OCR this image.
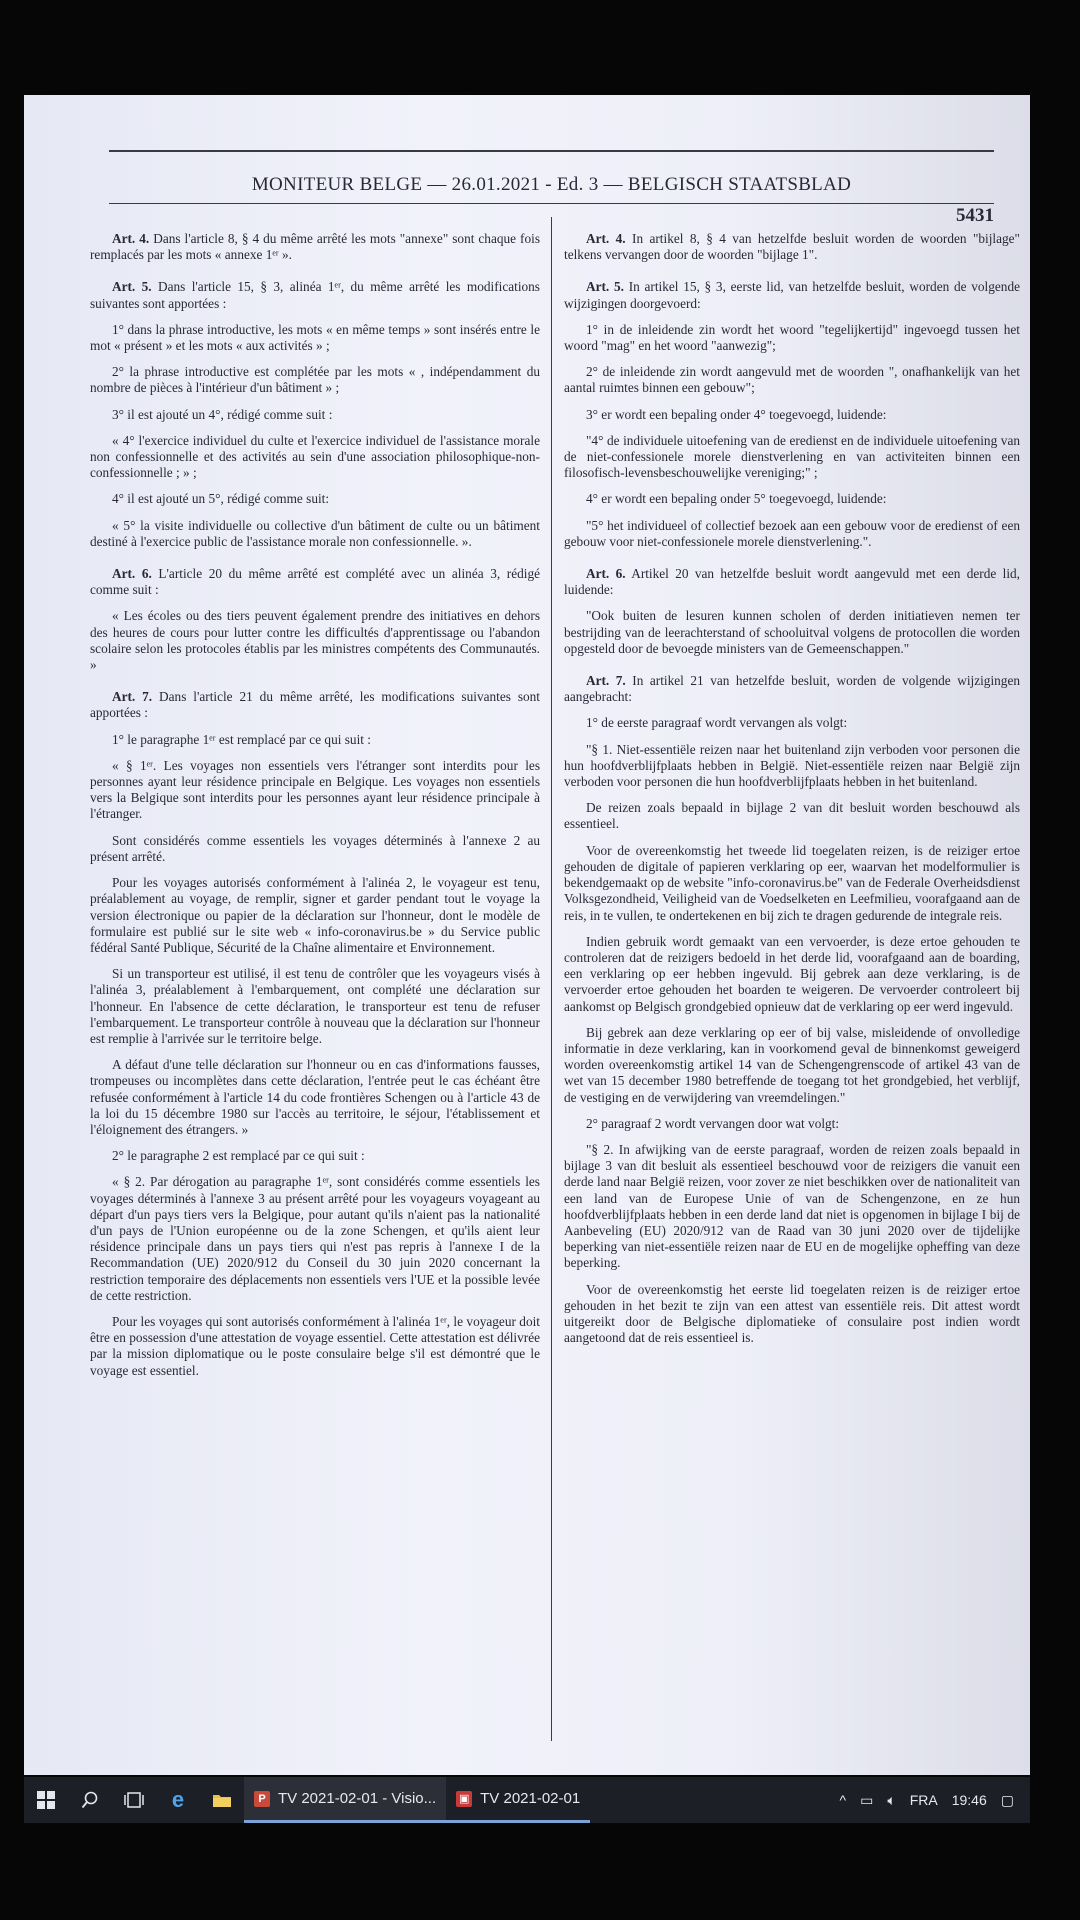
MONITEUR BELGE — 26.01.2021 - Ed. 3 — BELGISCH STAATSBLAD
5431

Art. 4. Dans l'article 8, § 4 du même arrêté les mots "annexe" sont chaque fois remplacés par les mots « annexe 1ᵉʳ ».

Art. 5. Dans l'article 15, § 3, alinéa 1ᵉʳ, du même arrêté les modifications suivantes sont apportées :

1° dans la phrase introductive, les mots « en même temps » sont insérés entre le mot « présent » et les mots « aux activités » ;

2° la phrase introductive est complétée par les mots « , indépendamment du nombre de pièces à l'intérieur d'un bâtiment » ;

3° il est ajouté un 4°, rédigé comme suit :

« 4° l'exercice individuel du culte et l'exercice individuel de l'assistance morale non confessionnelle et des activités au sein d'une association philosophique-non-confessionnelle ; » ;

4° il est ajouté un 5°, rédigé comme suit:

« 5° la visite individuelle ou collective d'un bâtiment de culte ou un bâtiment destiné à l'exercice public de l'assistance morale non confessionnelle. ».

Art. 6. L'article 20 du même arrêté est complété avec un alinéa 3, rédigé comme suit :

« Les écoles ou des tiers peuvent également prendre des initiatives en dehors des heures de cours pour lutter contre les difficultés d'apprentissage ou l'abandon scolaire selon les protocoles établis par les ministres compétents des Communautés. »

Art. 7. Dans l'article 21 du même arrêté, les modifications suivantes sont apportées :

1° le paragraphe 1ᵉʳ est remplacé par ce qui suit :

« § 1ᵉʳ. Les voyages non essentiels vers l'étranger sont interdits pour les personnes ayant leur résidence principale en Belgique. Les voyages non essentiels vers la Belgique sont interdits pour les personnes ayant leur résidence principale à l'étranger.

Sont considérés comme essentiels les voyages déterminés à l'annexe 2 au présent arrêté.

Pour les voyages autorisés conformément à l'alinéa 2, le voyageur est tenu, préalablement au voyage, de remplir, signer et garder pendant tout le voyage la version électronique ou papier de la déclaration sur l'honneur, dont le modèle de formulaire est publié sur le site web « info-coronavirus.be » du Service public fédéral Santé Publique, Sécurité de la Chaîne alimentaire et Environnement.

Si un transporteur est utilisé, il est tenu de contrôler que les voyageurs visés à l'alinéa 3, préalablement à l'embarquement, ont complété une déclaration sur l'honneur. En l'absence de cette déclaration, le transporteur est tenu de refuser l'embarquement. Le transporteur contrôle à nouveau que la déclaration sur l'honneur est remplie à l'arrivée sur le territoire belge.

A défaut d'une telle déclaration sur l'honneur ou en cas d'informations fausses, trompeuses ou incomplètes dans cette déclaration, l'entrée peut le cas échéant être refusée conformément à l'article 14 du code frontières Schengen ou à l'article 43 de la loi du 15 décembre 1980 sur l'accès au territoire, le séjour, l'établissement et l'éloignement des étrangers. »

2° le paragraphe 2 est remplacé par ce qui suit :

« § 2. Par dérogation au paragraphe 1ᵉʳ, sont considérés comme essentiels les voyages déterminés à l'annexe 3 au présent arrêté pour les voyageurs voyageant au départ d'un pays tiers vers la Belgique, pour autant qu'ils n'aient pas la nationalité d'un pays de l'Union européenne ou de la zone Schengen, et qu'ils aient leur résidence principale dans un pays tiers qui n'est pas repris à l'annexe I de la Recommandation (UE) 2020/912 du Conseil du 30 juin 2020 concernant la restriction temporaire des déplacements non essentiels vers l'UE et la possible levée de cette restriction.

Pour les voyages qui sont autorisés conformément à l'alinéa 1ᵉʳ, le voyageur doit être en possession d'une attestation de voyage essentiel. Cette attestation est délivrée par la mission diplomatique ou le poste consulaire belge s'il est démontré que le voyage est essentiel.

Art. 4. In artikel 8, § 4 van hetzelfde besluit worden de woorden "bijlage" telkens vervangen door de woorden "bijlage 1".

Art. 5. In artikel 15, § 3, eerste lid, van hetzelfde besluit, worden de volgende wijzigingen doorgevoerd:

1° in de inleidende zin wordt het woord "tegelijkertijd" ingevoegd tussen het woord "mag" en het woord "aanwezig";

2° de inleidende zin wordt aangevuld met de woorden ", onafhankelijk van het aantal ruimtes binnen een gebouw";

3° er wordt een bepaling onder 4° toegevoegd, luidende:

"4° de individuele uitoefening van de eredienst en de individuele uitoefening van de niet-confessionele morele dienstverlening en van activiteiten binnen een filosofisch-levensbeschouwelijke vereniging;" ;

4° er wordt een bepaling onder 5° toegevoegd, luidende:

"5° het individueel of collectief bezoek aan een gebouw voor de eredienst of een gebouw voor niet-confessionele morele dienstverlening.".

Art. 6. Artikel 20 van hetzelfde besluit wordt aangevuld met een derde lid, luidende:

"Ook buiten de lesuren kunnen scholen of derden initiatieven nemen ter bestrijding van de leerachterstand of schooluitval volgens de protocollen die worden opgesteld door de bevoegde ministers van de Gemeenschappen."

Art. 7. In artikel 21 van hetzelfde besluit, worden de volgende wijzigingen aangebracht:

1° de eerste paragraaf wordt vervangen als volgt:

"§ 1. Niet-essentiële reizen naar het buitenland zijn verboden voor personen die hun hoofdverblijfplaats hebben in België. Niet-essentiële reizen naar België zijn verboden voor personen die hun hoofdverblijfplaats hebben in het buitenland.

De reizen zoals bepaald in bijlage 2 van dit besluit worden beschouwd als essentieel.

Voor de overeenkomstig het tweede lid toegelaten reizen, is de reiziger ertoe gehouden de digitale of papieren verklaring op eer, waarvan het modelformulier is bekendgemaakt op de website "info-coronavirus.be" van de Federale Overheidsdienst Volksgezondheid, Veiligheid van de Voedselketen en Leefmilieu, voorafgaand aan de reis, in te vullen, te ondertekenen en bij zich te dragen gedurende de integrale reis.

Indien gebruik wordt gemaakt van een vervoerder, is deze ertoe gehouden te controleren dat de reizigers bedoeld in het derde lid, voorafgaand aan de boarding, een verklaring op eer hebben ingevuld. Bij gebrek aan deze verklaring, is de vervoerder ertoe gehouden het boarden te weigeren. De vervoerder controleert bij aankomst op Belgisch grondgebied opnieuw dat de verklaring op eer werd ingevuld.

Bij gebrek aan deze verklaring op eer of bij valse, misleidende of onvolledige informatie in deze verklaring, kan in voorkomend geval de binnenkomst geweigerd worden overeenkomstig artikel 14 van de Schengengrenscode of artikel 43 van de wet van 15 december 1980 betreffende de toegang tot het grondgebied, het verblijf, de vestiging en de verwijdering van vreemdelingen."

2° paragraaf 2 wordt vervangen door wat volgt:

"§ 2. In afwijking van de eerste paragraaf, worden de reizen zoals bepaald in bijlage 3 van dit besluit als essentieel beschouwd voor de reizigers die vanuit een derde land naar België reizen, voor zover ze niet beschikken over de nationaliteit van een land van de Europese Unie of van de Schengenzone, en ze hun hoofdverblijfplaats hebben in een derde land dat niet is opgenomen in bijlage I bij de Aanbeveling (EU) 2020/912 van de Raad van 30 juni 2020 over de tijdelijke beperking van niet-essentiële reizen naar de EU en de mogelijke opheffing van deze beperking.

Voor de overeenkomstig het eerste lid toegelaten reizen is de reiziger ertoe gehouden in het bezit te zijn van een attest van essentiële reis. Dit attest wordt uitgereikt door de Belgische diplomatieke of consulaire post indien wordt aangetoond dat de reis essentieel is.

e	P TV 2021-02-01 - Visio... ▣ TV 2021-02-01	^ ▭ 🔈︎ FRA 19:46 ▢
